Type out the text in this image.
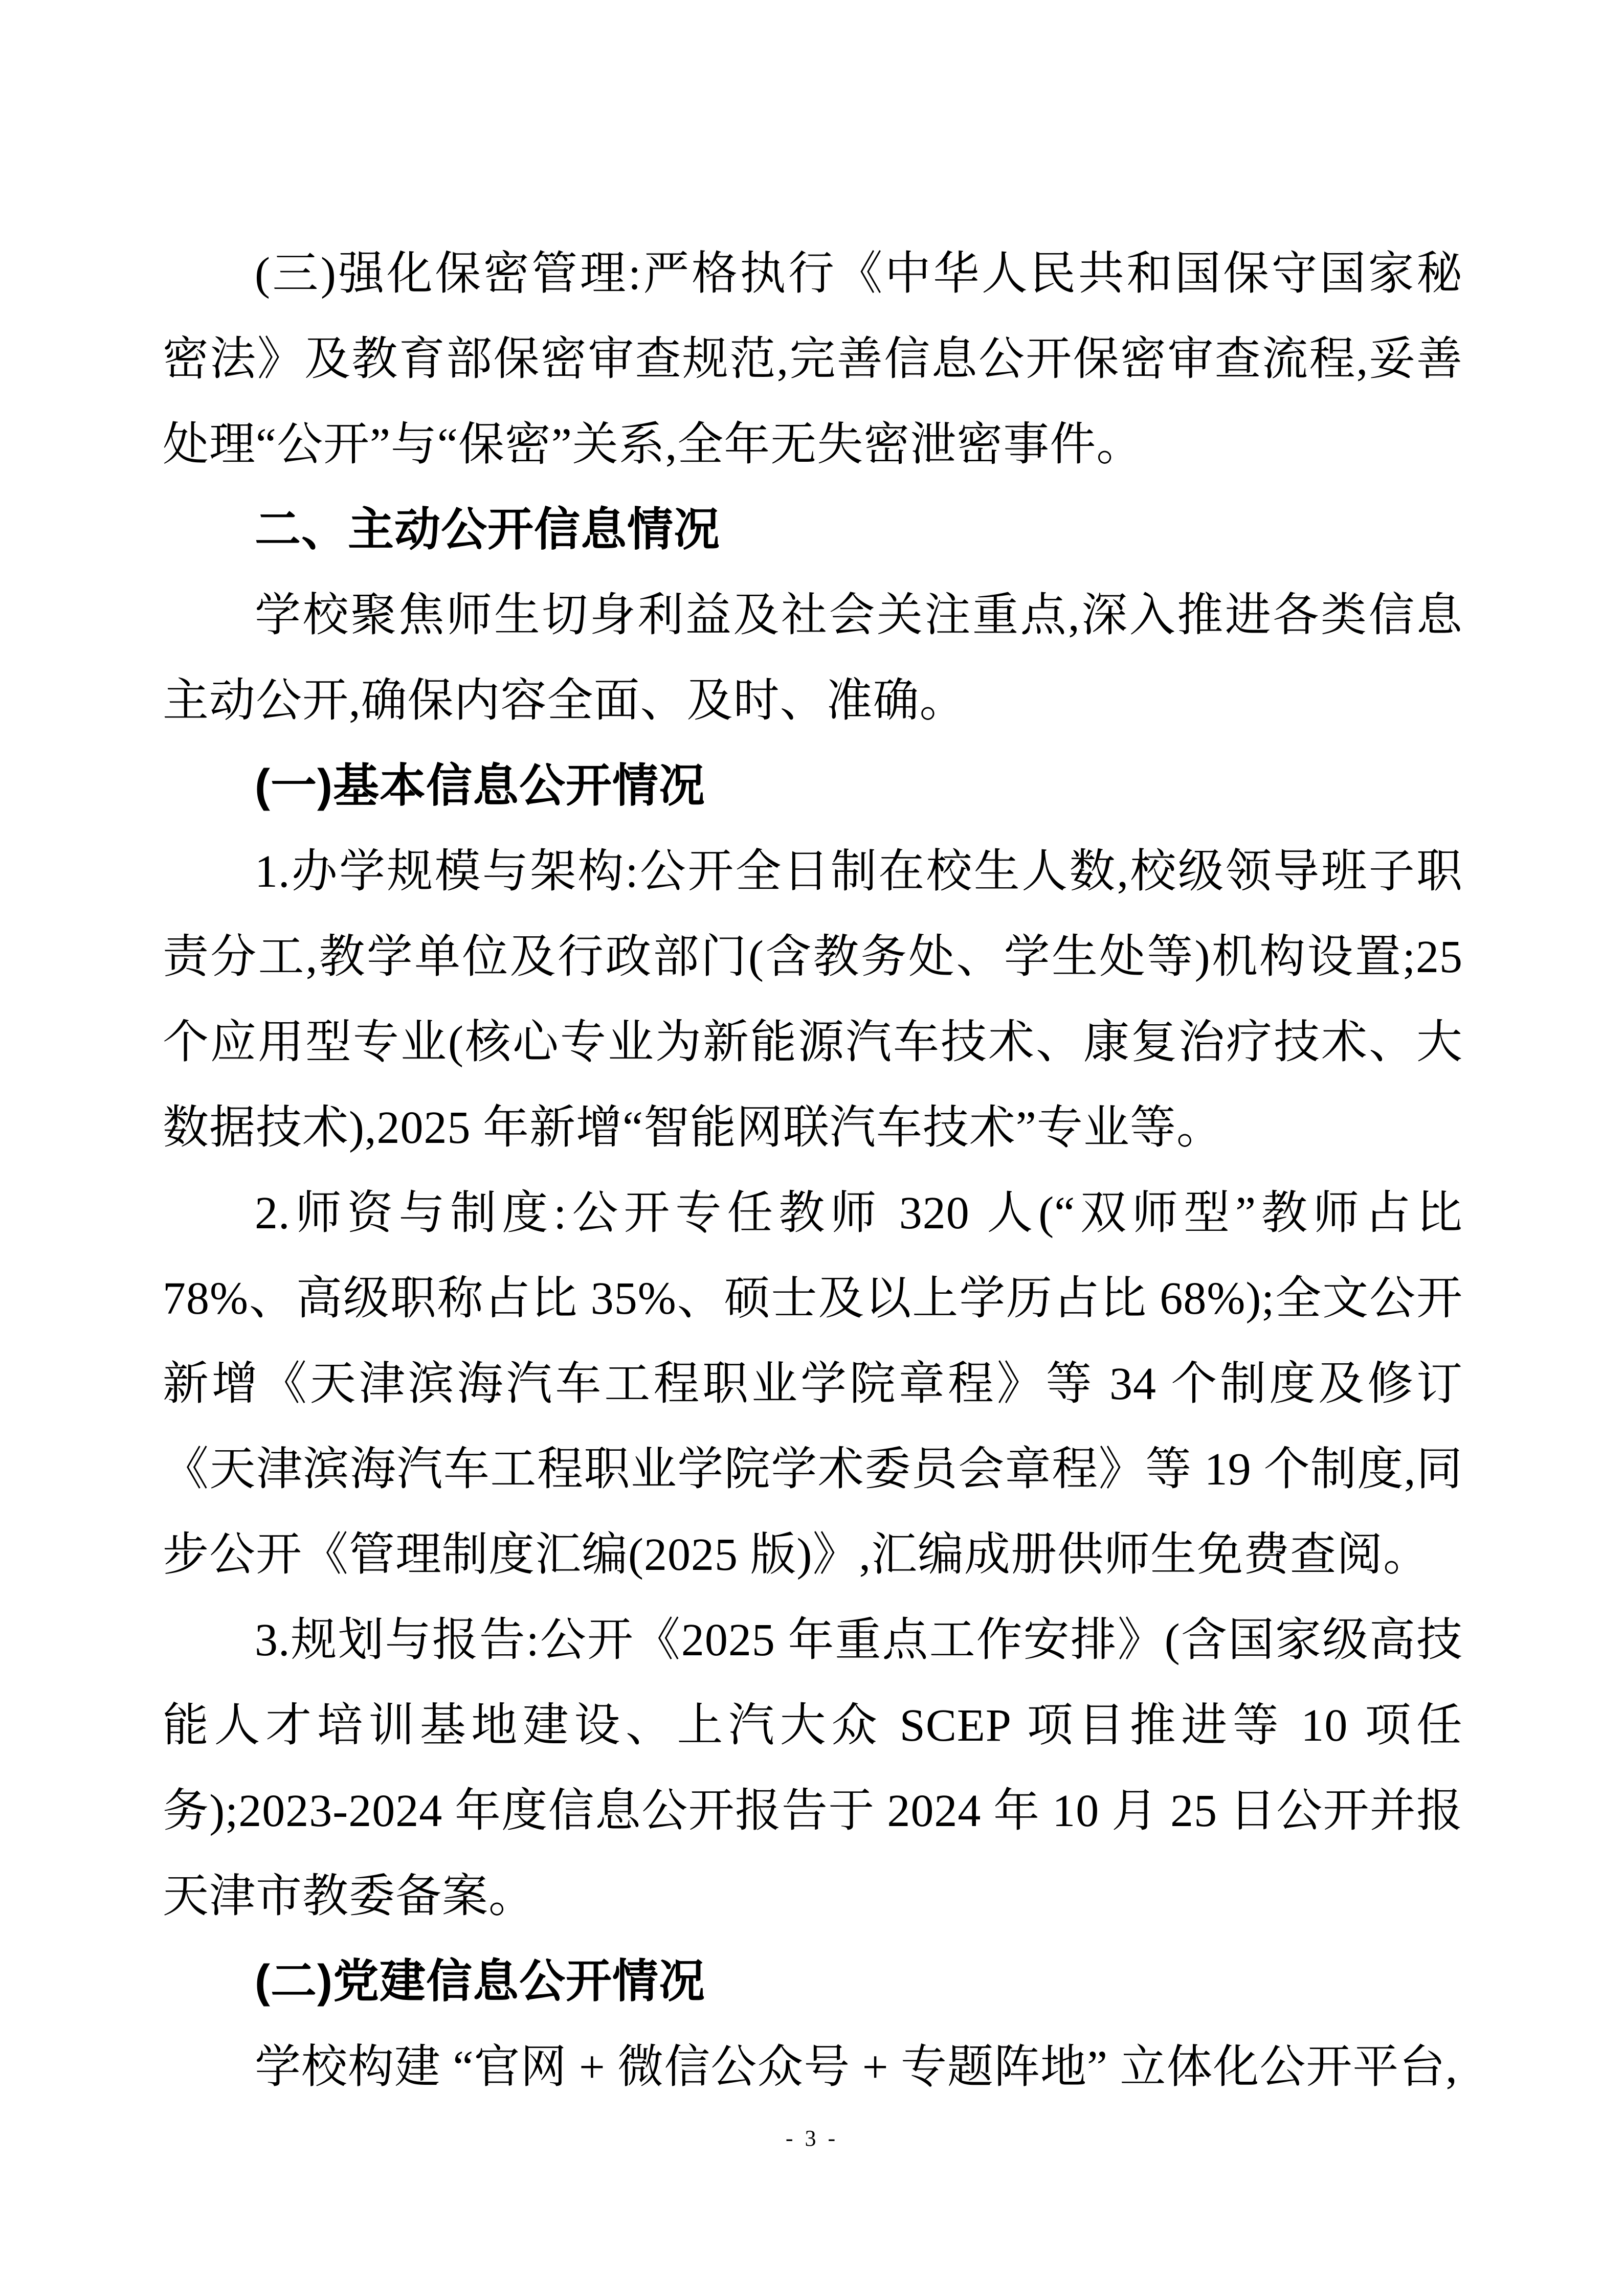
(三)强化保密管理:严格执行《中华人民共和国保守国家秘密法》及教育部保密审查规范,完善信息公开保密审查流程,妥善处理“公开”与“保密”关系,全年无失密泄密事件。

二、主动公开信息情况

学校聚焦师生切身利益及社会关注重点,深入推进各类信息主动公开,确保内容全面、及时、准确。

(一)基本信息公开情况

1.办学规模与架构:公开全日制在校生人数,校级领导班子职责分工,教学单位及行政部门(含教务处、学生处等)机构设置;25 个应用型专业(核心专业为新能源汽车技术、康复治疗技术、大数据技术),2025 年新增“智能网联汽车技术”专业等。

2.师资与制度:公开专任教师 320 人(“双师型”教师占比 78%、高级职称占比 35%、硕士及以上学历占比 68%);全文公开新增《天津滨海汽车工程职业学院章程》等 34 个制度及修订《天津滨海汽车工程职业学院学术委员会章程》等 19 个制度,同步公开《管理制度汇编(2025 版)》,汇编成册供师生免费查阅。

3.规划与报告:公开《2025 年重点工作安排》(含国家级高技能人才培训基地建设、上汽大众 SCEP 项目推进等 10 项任务);2023-2024 年度信息公开报告于 2024 年 10 月 25 日公开并报天津市教委备案。

(二)党建信息公开情况

学校构建 “官网 + 微信公众号 + 专题阵地” 立体化公开平台,

- 3 -
